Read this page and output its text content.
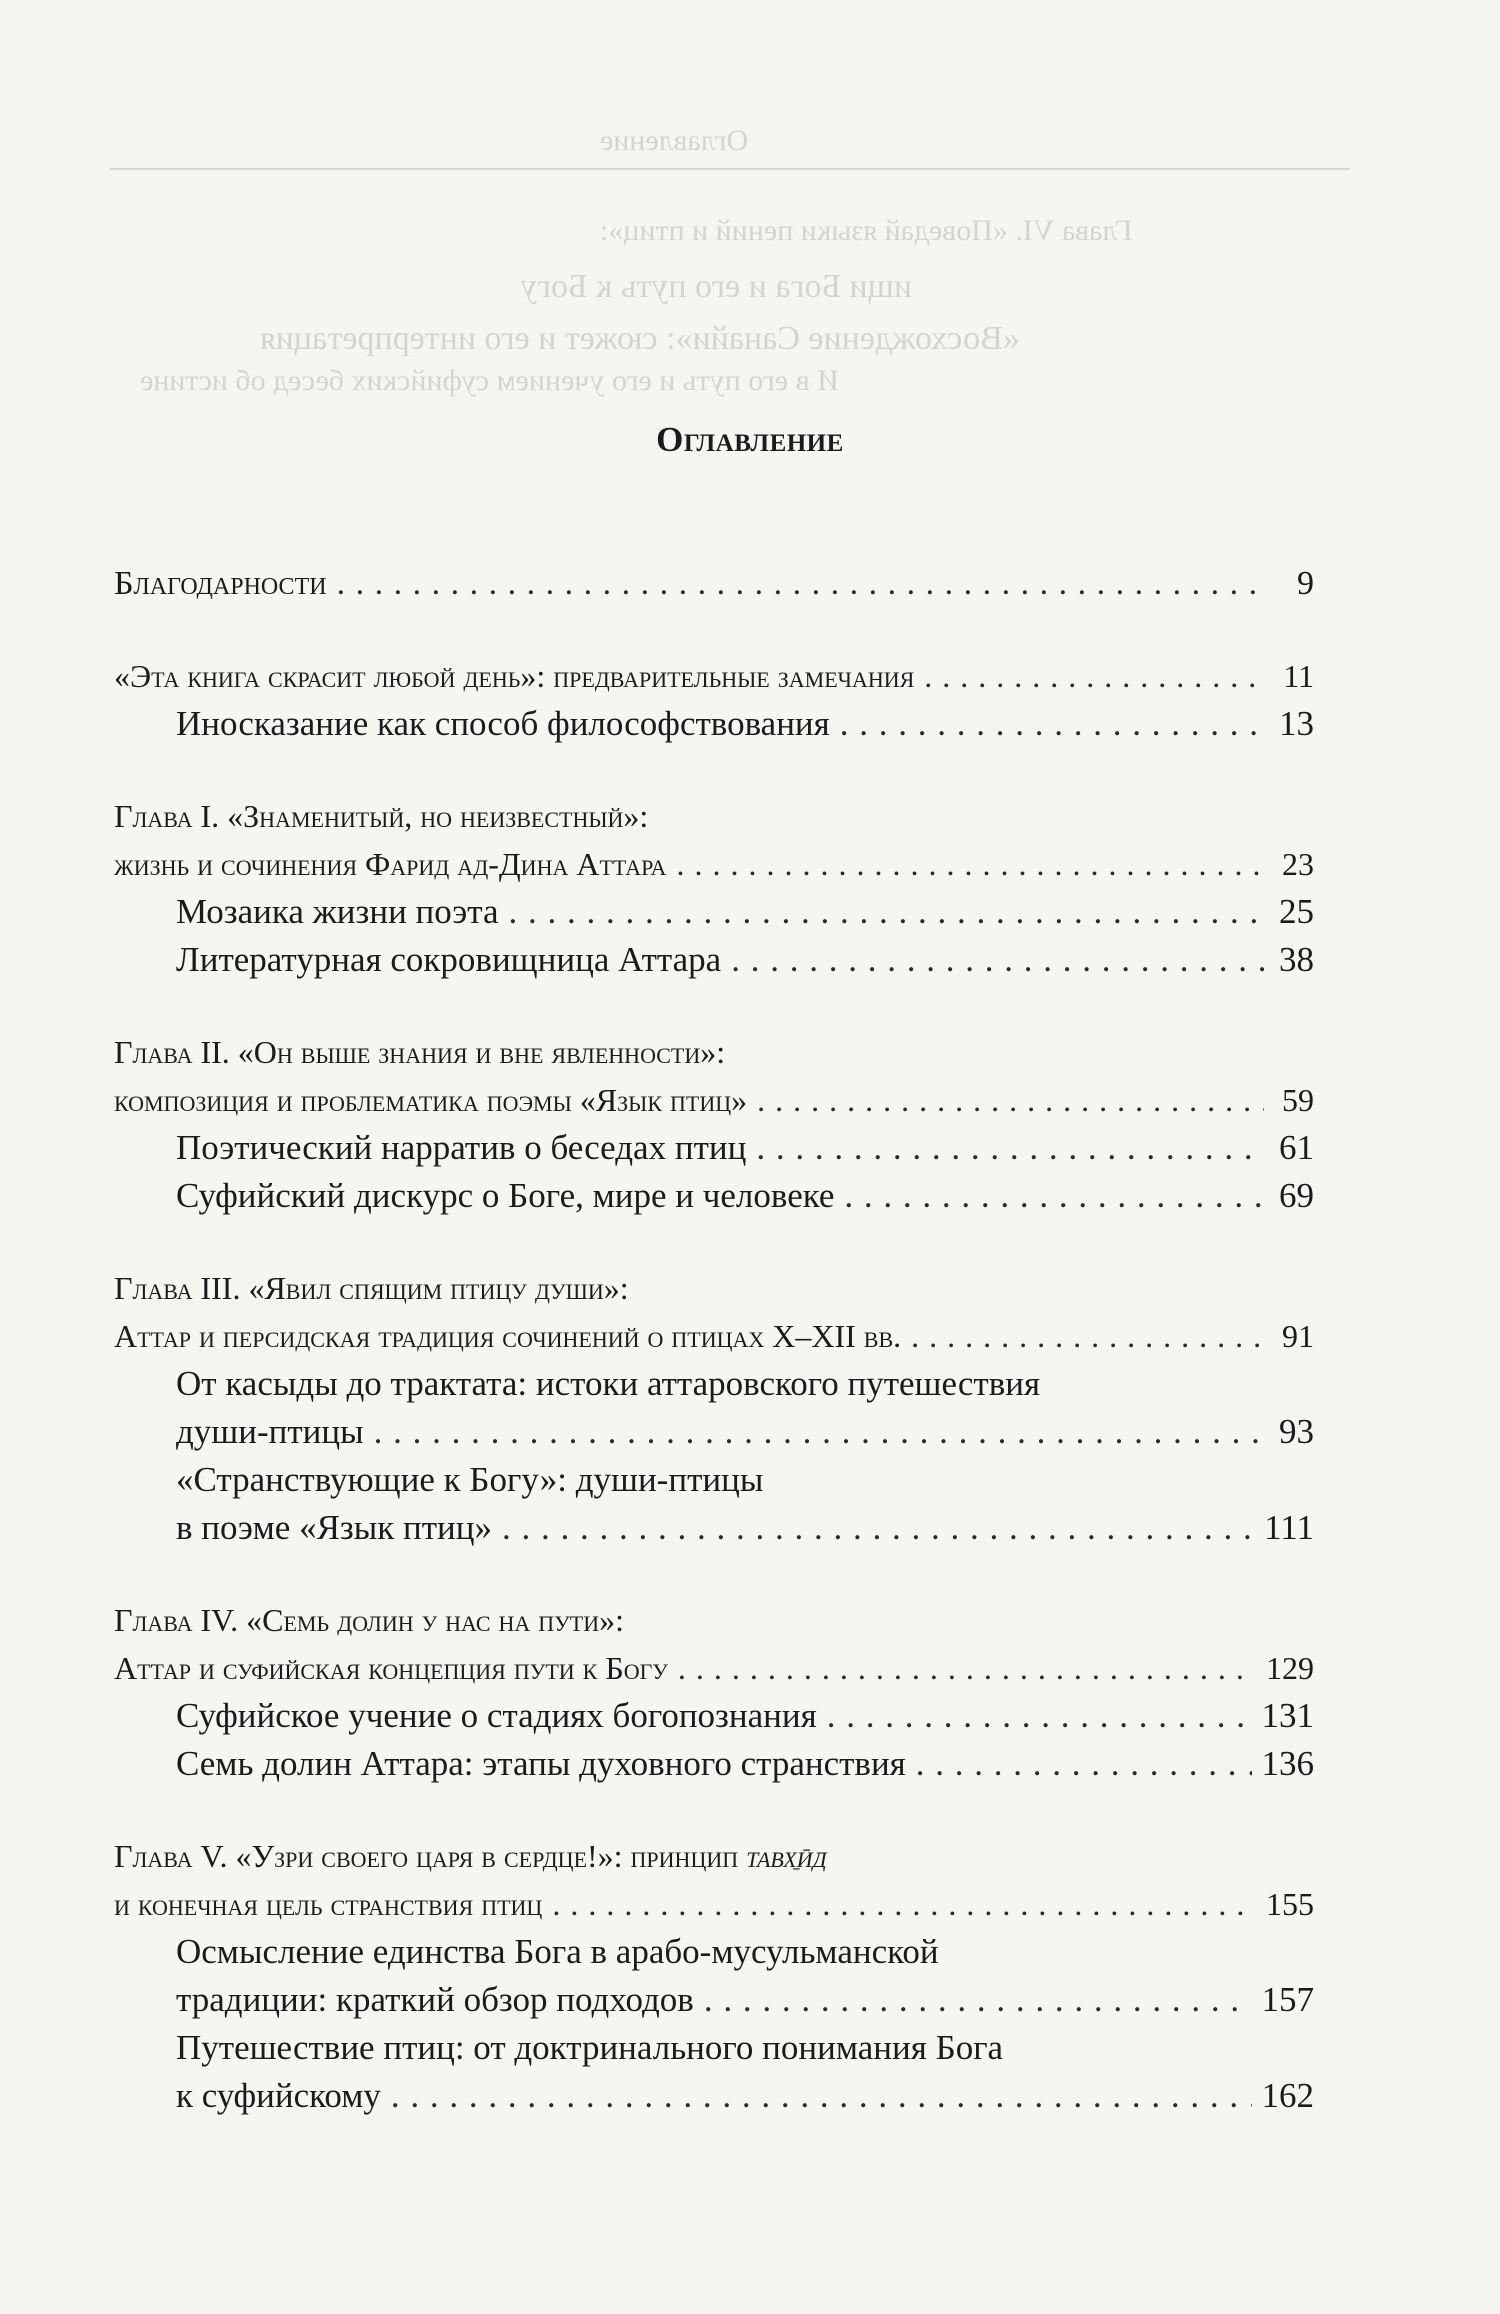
Оглавление
Глава VI. «Поведай языки пений и птиц»:
ищи Бога и его путь к Богу
«Восхождение Санайи»: сюжет и его интерпретация
И в его путь и его учением суфийских бесед об истине
Оглавление
Благодарности . . .	9
«Эта книга скрасит любой день»: предварительные замечания . . .	11
Иносказание как способ философствования . . .	13
Глава I. «Знаменитый, но неизвестный»:
жизнь и сочинения Фарид ад-Дина Аттара . . .	23
Мозаика жизни поэта . . .	25
Литературная сокровищница Аттара . . .	38
Глава II. «Он выше знания и вне явленности»:
композиция и проблематика поэмы «Язык птиц» . . .	59
Поэтический нарратив о беседах птиц . . .	61
Суфийский дискурс о Боге, мире и человеке . . .	69
Глава III. «Явил спящим птицу души»:
Аттар и персидская традиция сочинений о птицах X–XII вв. . . .	91
От касыды до трактата: истоки аттаровского путешествия
души-птицы . . .	93
«Странствующие к Богу»: души-птицы
в поэме «Язык птиц» . . .	111
Глава IV. «Семь долин у нас на пути»:
Аттар и суфийская концепция пути к Богу . . .	129
Суфийское учение о стадиях богопознания . . .	131
Семь долин Аттара: этапы духовного странствия . . .	136
Глава V. «Узри своего царя в сердце!»: принцип тавх̱ӣд
и конечная цель странствия птиц . . .	155
Осмысление единства Бога в арабо-мусульманской
традиции: краткий обзор подходов . . .	157
Путешествие птиц: от доктринального понимания Бога
к суфийскому . . .	162
